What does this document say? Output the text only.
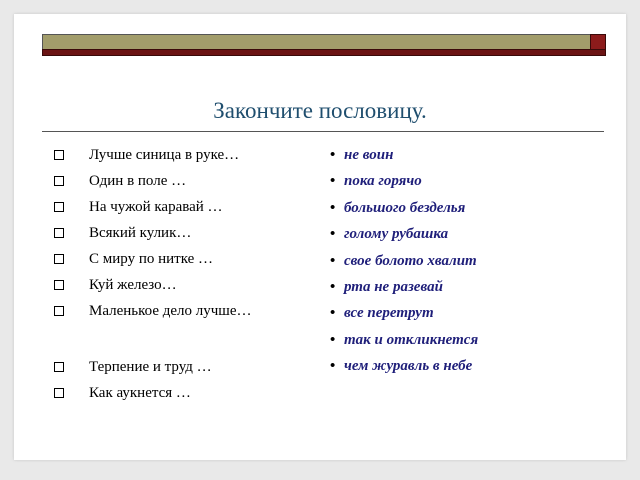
Закончите пословицу.
Лучше синица в руке…
Один в поле …
На чужой каравай …
Всякий кулик…
С миру по нитке …
Куй железо…
Маленькое дело лучше…
Терпение и труд …
Как аукнется …
• не воин
• пока горячо
• большого безделья
• голому рубашка
• свое болото хвалит
• рта не разевай
• все перетрут
• так и откликнется
• чем журавль в небе
